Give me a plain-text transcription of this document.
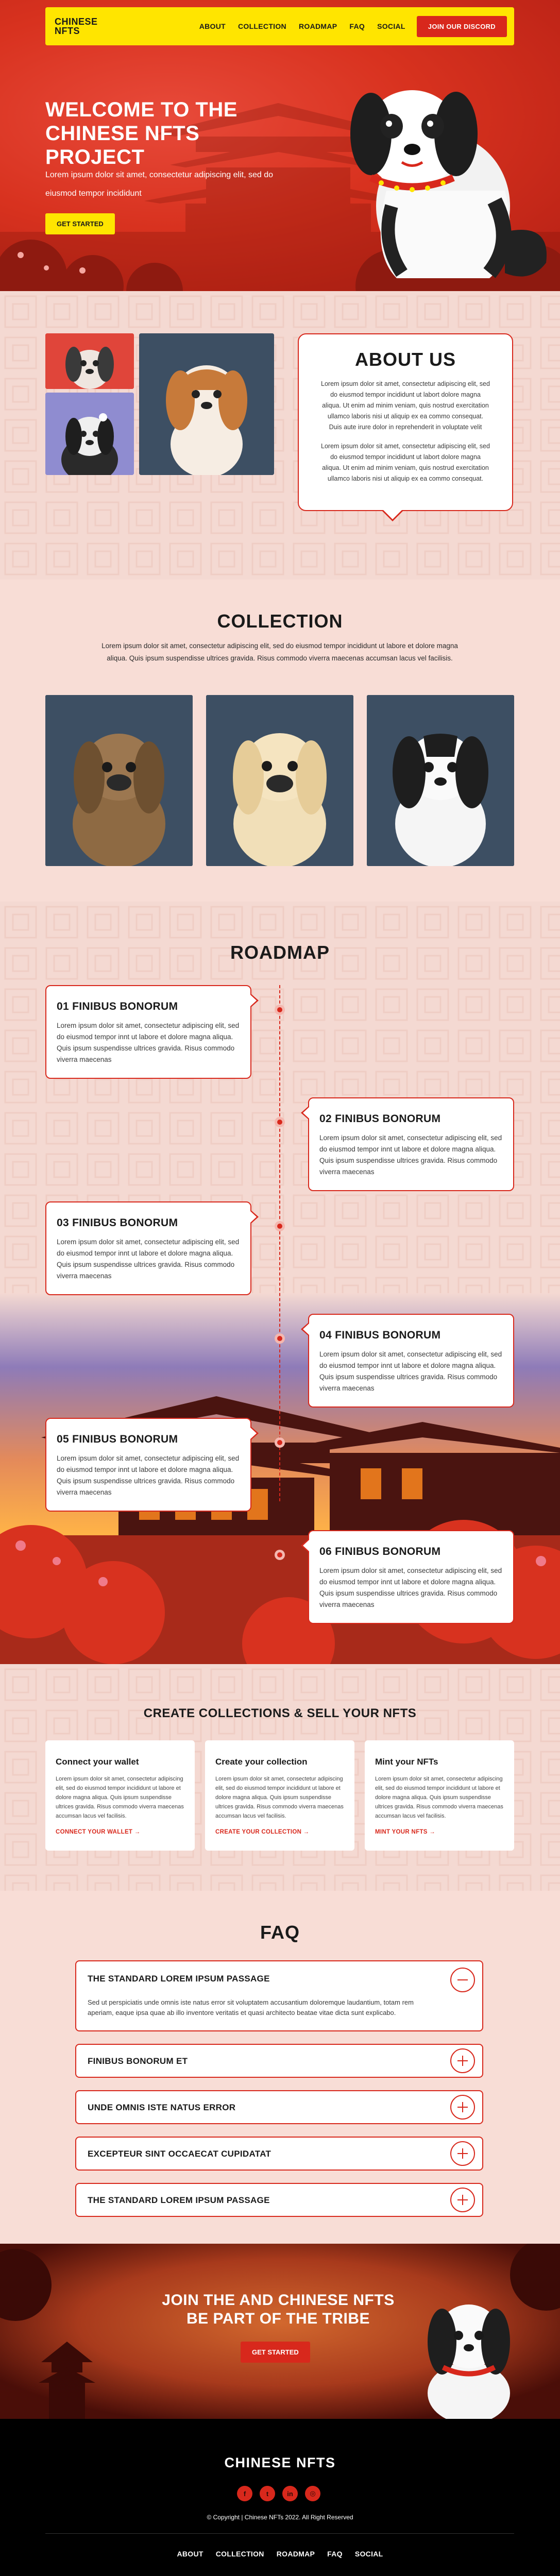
CHINESE
NFTS	ABOUT COLLECTION ROADMAP FAQ SOCIAL	JOIN OUR DISCORD
WELCOME TO THE CHINESE NFTS PROJECT

Lorem ipsum dolor sit amet, consectetur adipiscing elit, sed do eiusmod tempor incididunt

GET STARTED
ABOUT US

Lorem ipsum dolor sit amet, consectetur adipiscing elit, sed do eiusmod tempor incididunt ut labort dolore magna aliqua. Ut enim ad minim veniam, quis nostrud exercitation ullamco laboris nisi ut aliquip ex ea commo consequat. Duis aute irure dolor in reprehenderit in voluptate velit

Lorem ipsum dolor sit amet, consectetur adipiscing elit, sed do eiusmod tempor incididunt ut labort dolore magna aliqua. Ut enim ad minim veniam, quis nostrud exercitation ullamco laboris nisi ut aliquip ex ea commo consequat.

COLLECTION

Lorem ipsum dolor sit amet, consectetur adipiscing elit, sed do eiusmod tempor incididunt ut labore et dolore magna aliqua. Quis ipsum suspendisse ultrices gravida. Risus commodo viverra maecenas accumsan lacus vel facilisis.

ROADMAP
01 FINIBUS BONORUM

Lorem ipsum dolor sit amet, consectetur adipiscing elit, sed do eiusmod tempor innt ut labore et dolore magna aliqua. Quis ipsum suspendisse ultrices gravida. Risus commodo viverra maecenas

02 FINIBUS BONORUM

Lorem ipsum dolor sit amet, consectetur adipiscing elit, sed do eiusmod tempor innt ut labore et dolore magna aliqua. Quis ipsum suspendisse ultrices gravida. Risus commodo viverra maecenas

03 FINIBUS BONORUM

Lorem ipsum dolor sit amet, consectetur adipiscing elit, sed do eiusmod tempor innt ut labore et dolore magna aliqua. Quis ipsum suspendisse ultrices gravida. Risus commodo viverra maecenas

04 FINIBUS BONORUM

Lorem ipsum dolor sit amet, consectetur adipiscing elit, sed do eiusmod tempor innt ut labore et dolore magna aliqua. Quis ipsum suspendisse ultrices gravida. Risus commodo viverra maecenas

05 FINIBUS BONORUM

Lorem ipsum dolor sit amet, consectetur adipiscing elit, sed do eiusmod tempor innt ut labore et dolore magna aliqua. Quis ipsum suspendisse ultrices gravida. Risus commodo viverra maecenas

06 FINIBUS BONORUM

Lorem ipsum dolor sit amet, consectetur adipiscing elit, sed do eiusmod tempor innt ut labore et dolore magna aliqua. Quis ipsum suspendisse ultrices gravida. Risus commodo viverra maecenas

CREATE COLLECTIONS & SELL YOUR NFTS
Connect your wallet

Lorem ipsum dolor sit amet, consectetur adipiscing elit, sed do eiusmod tempor incididunt ut labore et dolore magna aliqua. Quis ipsum suspendisse ultrices gravida. Risus commodo viverra maecenas accumsan lacus vel facilisis.

CONNECT YOUR WALLET →
Create your collection

Lorem ipsum dolor sit amet, consectetur adipiscing elit, sed do eiusmod tempor incididunt ut labore et dolore magna aliqua. Quis ipsum suspendisse ultrices gravida. Risus commodo viverra maecenas accumsan lacus vel facilisis.

CREATE YOUR COLLECTION →
Mint your NFTs

Lorem ipsum dolor sit amet, consectetur adipiscing elit, sed do eiusmod tempor incididunt ut labore et dolore magna aliqua. Quis ipsum suspendisse ultrices gravida. Risus commodo viverra maecenas accumsan lacus vel facilisis.

MINT YOUR NFTS →
FAQ
THE STANDARD LOREM IPSUM PASSAGE

Sed ut perspiciatis unde omnis iste natus error sit voluptatem accusantium doloremque laudantium, totam rem aperiam, eaque ipsa quae ab illo inventore veritatis et quasi architecto beatae vitae dicta sunt explicabo.

FINIBUS BONORUM ET
UNDE OMNIS ISTE NATUS ERROR
EXCEPTEUR SINT OCCAECAT CUPIDATAT
THE STANDARD LOREM IPSUM PASSAGE
JOIN THE AND CHINESE NFTS
BE PART OF THE TRIBE
GET STARTED
CHINESE NFTS
f	t	in	◎
© Copyright | Chinese NFTs 2022. All Right Reserved
ABOUT COLLECTION ROADMAP FAQ SOCIAL
